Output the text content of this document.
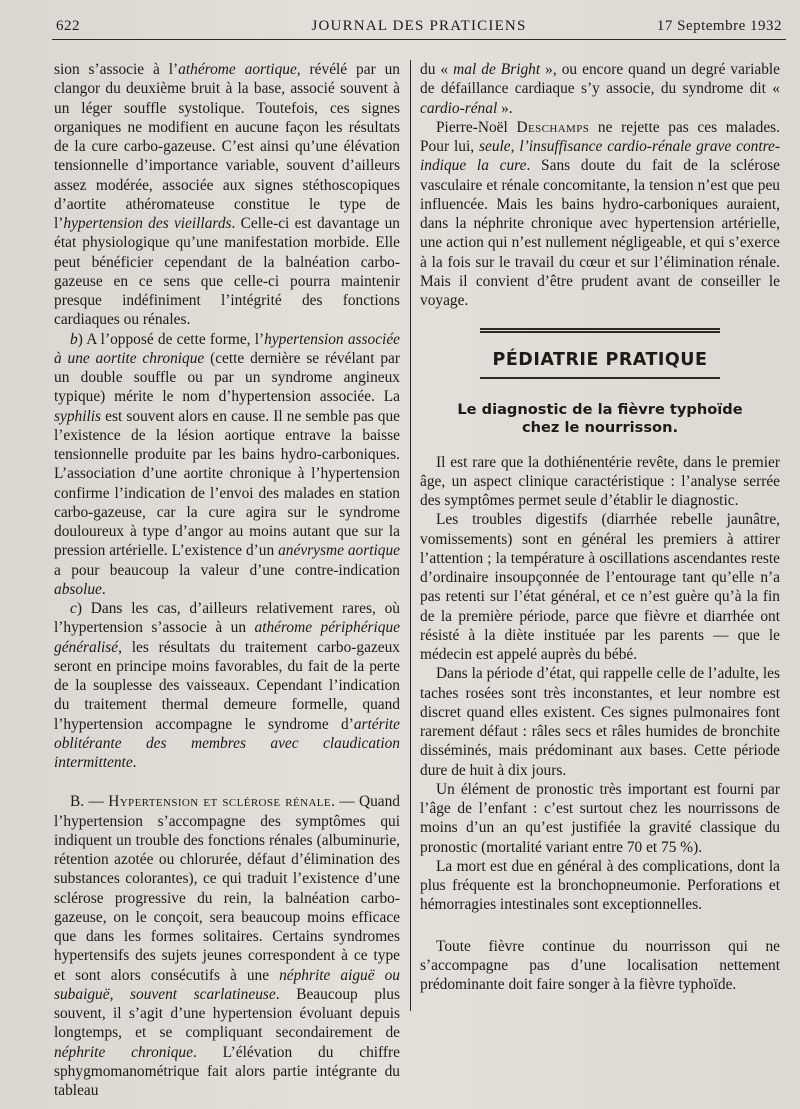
622	JOURNAL DES PRATICIENS	17 Septembre 1932

sion s’associe à l’athérome aortique, révélé par un clangor du deuxième bruit à la base, associé souvent à un léger souffle systolique. Toutefois, ces signes organiques ne modifient en aucune façon les résultats de la cure carbo-gazeuse. C’est ainsi qu’une élévation tensionnelle d’importance variable, souvent d’ailleurs assez modérée, associée aux signes stéthoscopiques d’aortite athéromateuse constitue le type de l’hypertension des vieillards. Celle-ci est davantage un état physiologique qu’une manifestation morbide. Elle peut bénéficier cependant de la balnéation carbo-gazeuse en ce sens que celle-ci pourra maintenir presque indéfiniment l’intégrité des fonctions cardiaques ou rénales.

b) A l’opposé de cette forme, l’hypertension associée à une aortite chronique (cette dernière se révélant par un double souffle ou par un syndrome angineux typique) mérite le nom d’hypertension associée. La syphilis est souvent alors en cause. Il ne semble pas que l’existence de la lésion aortique entrave la baisse tensionnelle produite par les bains hydro-carboniques. L’association d’une aortite chronique à l’hypertension confirme l’indication de l’envoi des malades en station carbo-gazeuse, car la cure agira sur le syndrome douloureux à type d’angor au moins autant que sur la pression artérielle. L’existence d’un anévrysme aortique a pour beaucoup la valeur d’une contre-indication absolue.

c) Dans les cas, d’ailleurs relativement rares, où l’hypertension s’associe à un athérome périphérique généralisé, les résultats du traitement carbo-gazeux seront en principe moins favorables, du fait de la perte de la souplesse des vaisseaux. Cependant l’indication du traitement thermal demeure formelle, quand l’hypertension accompagne le syndrome d’artérite oblitérante des membres avec claudication intermittente.

B. — Hypertension et sclérose rénale. — Quand l’hypertension s’accompagne des symptômes qui indiquent un trouble des fonctions rénales (albuminurie, rétention azotée ou chlorurée, défaut d’élimination des substances colorantes), ce qui traduit l’existence d’une sclérose progressive du rein, la balnéation carbo-gazeuse, on le conçoit, sera beaucoup moins efficace que dans les formes solitaires. Certains syndromes hypertensifs des sujets jeunes correspondent à ce type et sont alors consécutifs à une néphrite aiguë ou subaiguë, souvent scarlatineuse. Beaucoup plus souvent, il s’agit d’une hypertension évoluant depuis longtemps, et se compliquant secondairement de néphrite chronique. L’élévation du chiffre sphygmomanométrique fait alors partie intégrante du tableau

du « mal de Bright », ou encore quand un degré variable de défaillance cardiaque s’y associe, du syndrome dit « cardio-rénal ».

Pierre-Noël Deschamps ne rejette pas ces malades. Pour lui, seule, l’insuffisance cardio-rénale grave contre-indique la cure. Sans doute du fait de la sclérose vasculaire et rénale concomitante, la tension n’est que peu influencée. Mais les bains hydro-carboniques auraient, dans la néphrite chronique avec hypertension artérielle, une action qui n’est nullement négligeable, et qui s’exerce à la fois sur le travail du cœur et sur l’élimination rénale. Mais il convient d’être prudent avant de conseiller le voyage.

PÉDIATRIE PRATIQUE
Le diagnostic de la fièvre typhoïde
chez le nourrisson.

Il est rare que la dothiénentérie revête, dans le premier âge, un aspect clinique caractéristique : l’analyse serrée des symptômes permet seule d’établir le diagnostic.

Les troubles digestifs (diarrhée rebelle jaunâtre, vomissements) sont en général les premiers à attirer l’attention ; la température à oscillations ascendantes reste d’ordinaire insoupçonnée de l’entourage tant qu’elle n’a pas retenti sur l’état général, et ce n’est guère qu’à la fin de la première période, parce que fièvre et diarrhée ont résisté à la diète instituée par les parents — que le médecin est appelé auprès du bébé.

Dans la période d’état, qui rappelle celle de l’adulte, les taches rosées sont très inconstantes, et leur nombre est discret quand elles existent. Ces signes pulmonaires font rarement défaut : râles secs et râles humides de bronchite disséminés, mais prédominant aux bases. Cette période dure de huit à dix jours.

Un élément de pronostic très important est fourni par l’âge de l’enfant : c’est surtout chez les nourrissons de moins d’un an qu’est justifiée la gravité classique du pronostic (mortalité variant entre 70 et 75 %).

La mort est due en général à des complications, dont la plus fréquente est la bronchopneumonie. Perforations et hémorragies intestinales sont exceptionnelles.

Toute fièvre continue du nourrisson qui ne s’accompagne pas d’une localisation nettement prédominante doit faire songer à la fièvre typhoïde.
